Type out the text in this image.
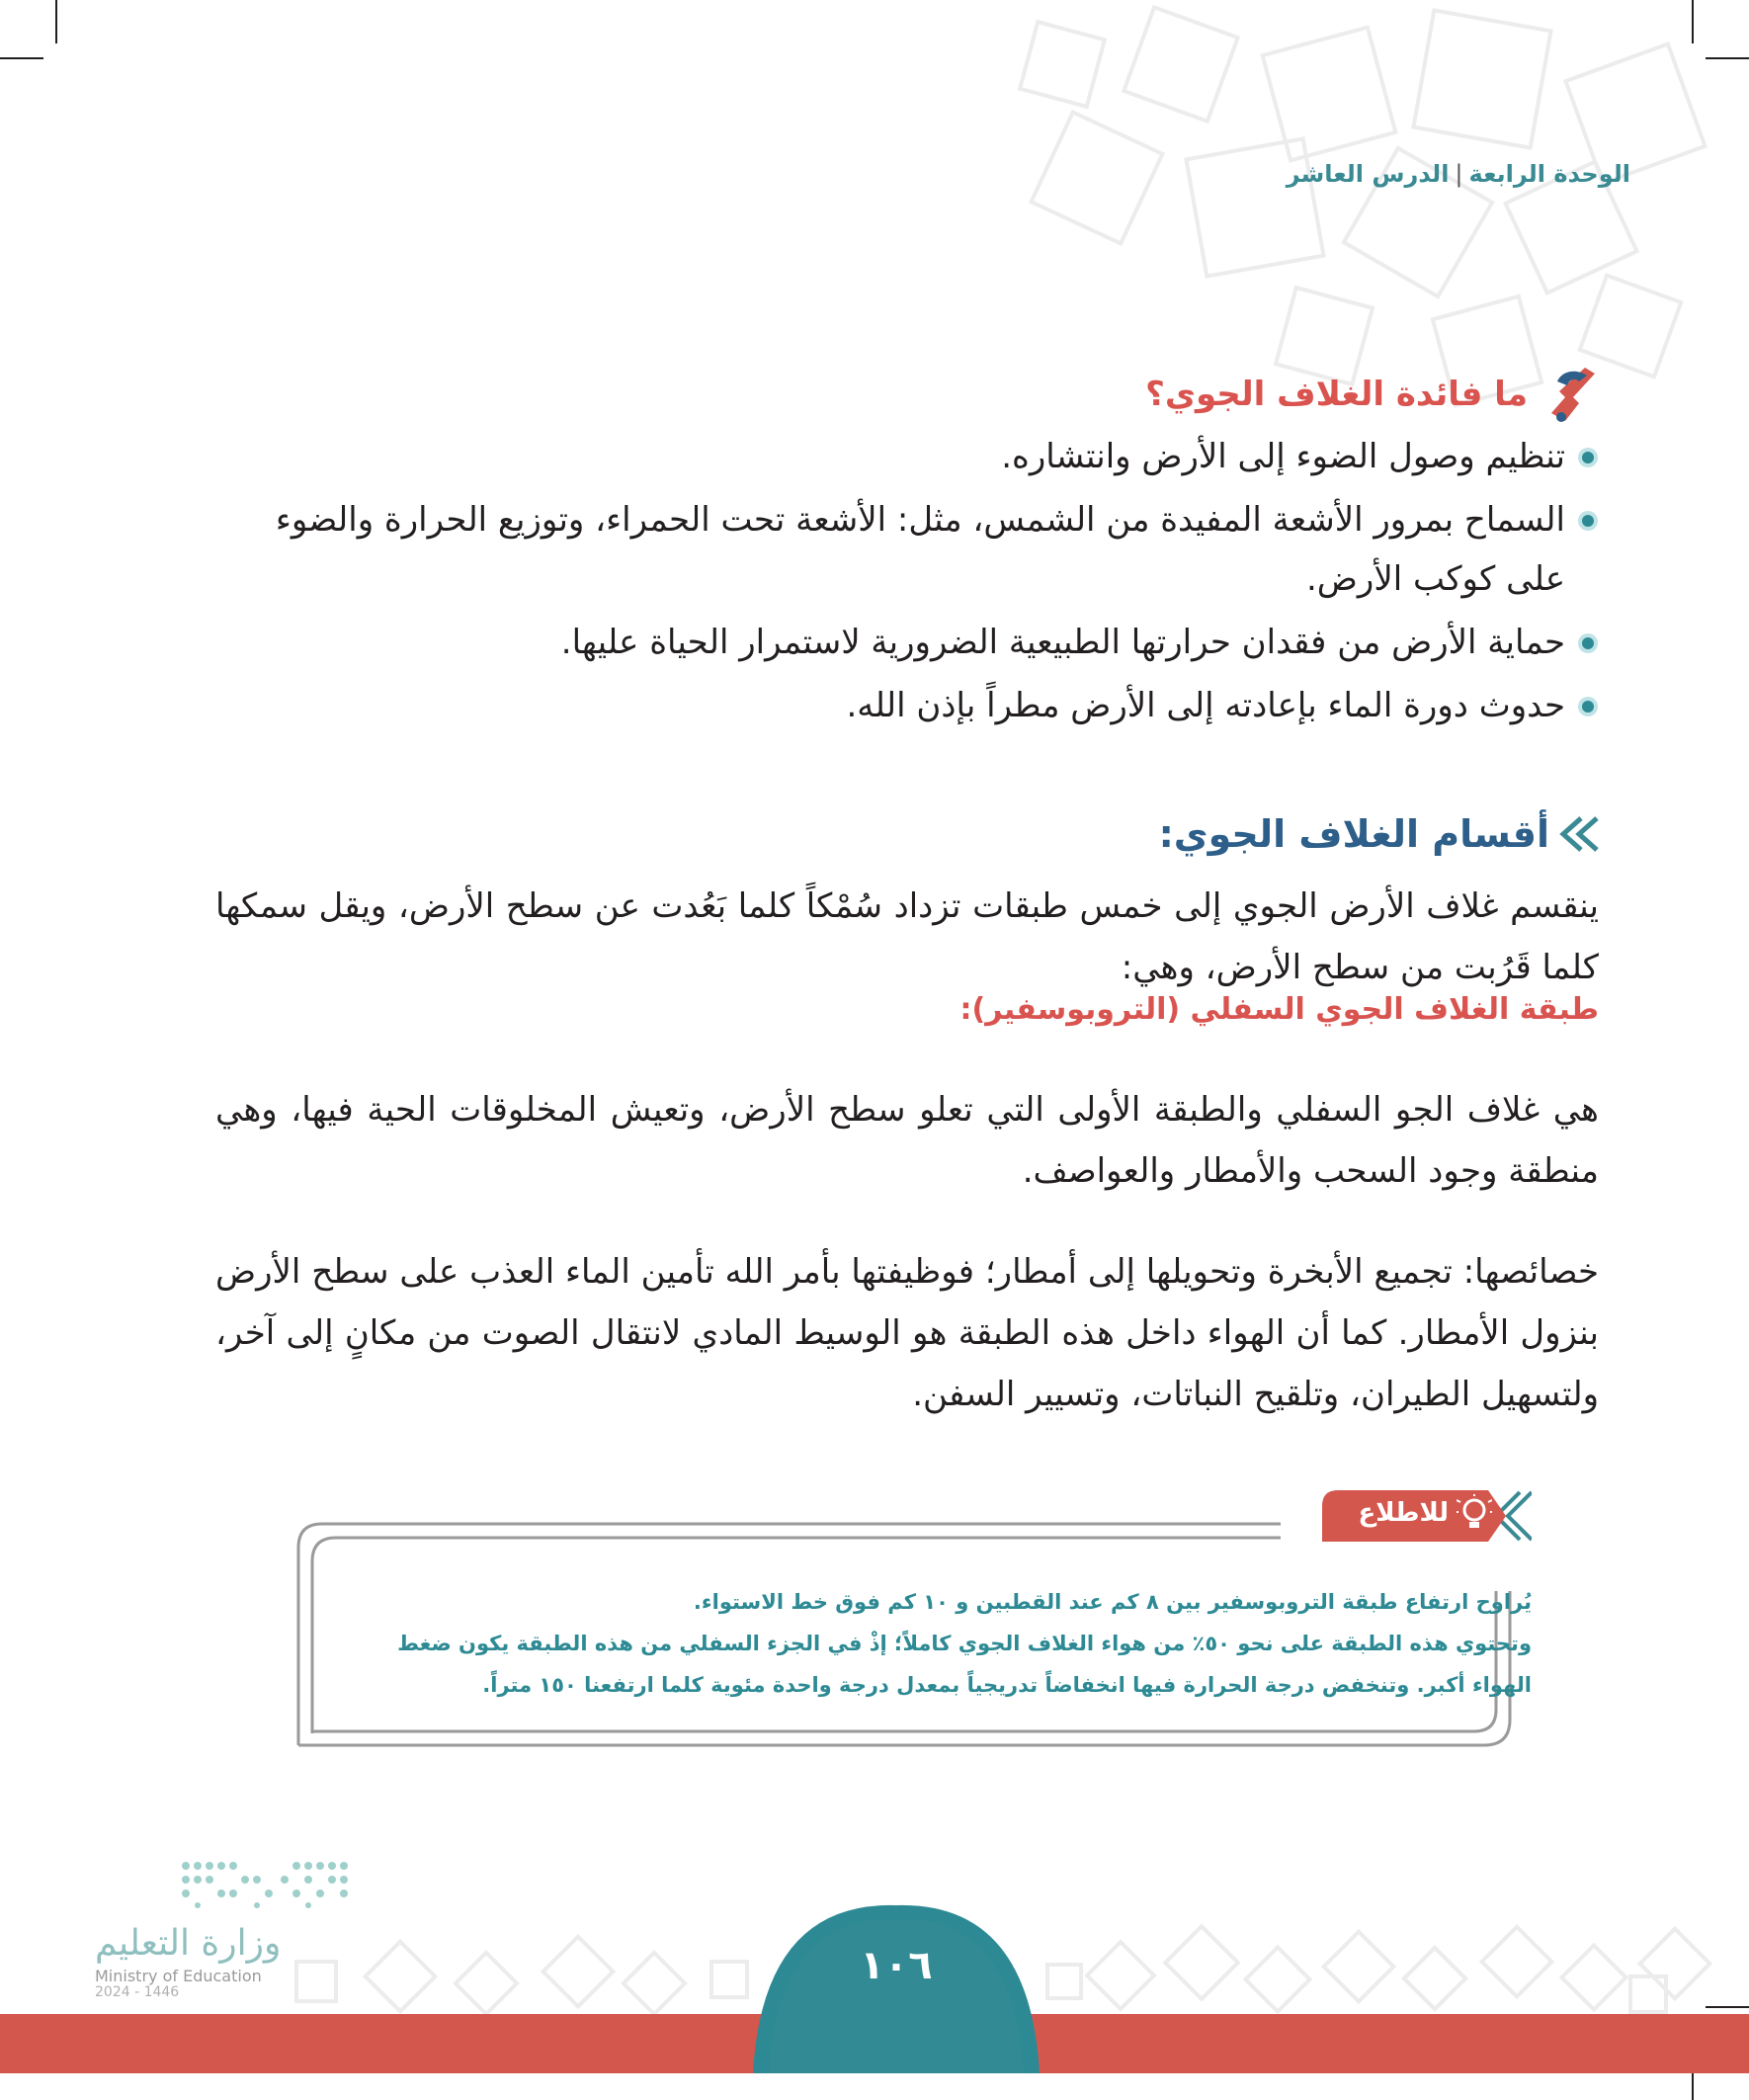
الوحدة الرابعة|الدرس العاشر
ما فائدة الغلاف الجوي؟
تنظيم وصول الضوء إلى الأرض وانتشاره.
السماح بمرور الأشعة المفيدة من الشمس، مثل: الأشعة تحت الحمراء، وتوزيع الحرارة والضوء على كوكب الأرض.
حماية الأرض من فقدان حرارتها الطبيعية الضرورية لاستمرار الحياة عليها.
حدوث دورة الماء بإعادته إلى الأرض مطراً بإذن الله.
أقسام الغلاف الجوي:

ينقسم غلاف الأرض الجوي إلى خمس طبقات تزداد سُمْكاً كلما بَعُدت عن سطح الأرض، ويقل سمكها كلما قَرُبت من سطح الأرض، وهي:

طبقة الغلاف الجوي السفلي (التروبوسفير):

هي غلاف الجو السفلي والطبقة الأولى التي تعلو سطح الأرض، وتعيش المخلوقات الحية فيها، وهي منطقة وجود السحب والأمطار والعواصف.

خصائصها: تجميع الأبخرة وتحويلها إلى أمطار؛ فوظيفتها بأمر الله تأمين الماء العذب على سطح الأرض بنزول الأمطار. كما أن الهواء داخل هذه الطبقة هو الوسيط المادي لانتقال الصوت من مكانٍ إلى آخر، ولتسهيل الطيران، وتلقيح النباتات، وتسيير السفن.

للاطلاع
يُراوح ارتفاع طبقة التروبوسفير بين ٨ كم عند القطبين و ١٠ كم فوق خط الاستواء.
وتحتوي هذه الطبقة على نحو ٥٠٪ من هواء الغلاف الجوي كاملاً؛ إذْ في الجزء السفلي من هذه الطبقة يكون ضغط الهواء أكبر. وتنخفض درجة الحرارة فيها انخفاضاً تدريجياً بمعدل درجة واحدة مئوية كلما ارتفعنا ١٥٠ متراً.
١٠٦
وزارة التعليم
Ministry of Education
2024 - 1446
